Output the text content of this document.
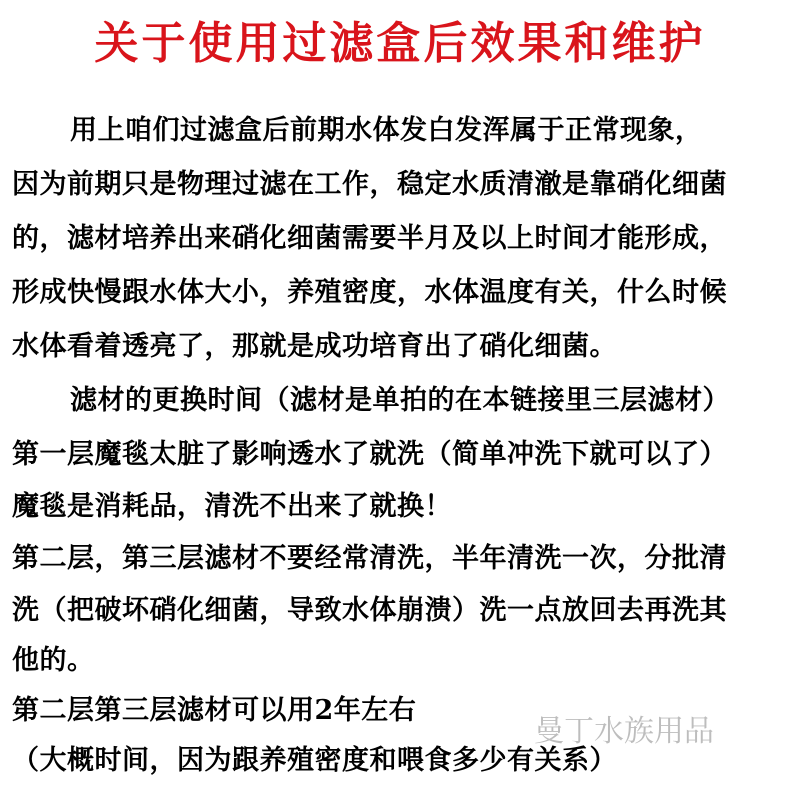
关于使用过滤盒后效果和维护
用上咱们过滤盒后前期水体发白发浑属于正常现象，
因为前期只是物理过滤在工作，稳定水质清澈是靠硝化细菌
的，滤材培养出来硝化细菌需要半月及以上时间才能形成，
形成快慢跟水体大小，养殖密度，水体温度有关，什么时候
水体看着透亮了，那就是成功培育出了硝化细菌。
滤材的更换时间（滤材是单拍的在本链接里三层滤材）
第一层魔毯太脏了影响透水了就洗（简单冲洗下就可以了）
魔毯是消耗品，清洗不出来了就换！
第二层，第三层滤材不要经常清洗，半年清洗一次，分批清
洗（把破坏硝化细菌，导致水体崩溃）洗一点放回去再洗其
他的。
第二层第三层滤材可以用2年左右
（大概时间，因为跟养殖密度和喂食多少有关系）
曼丁水族用品
